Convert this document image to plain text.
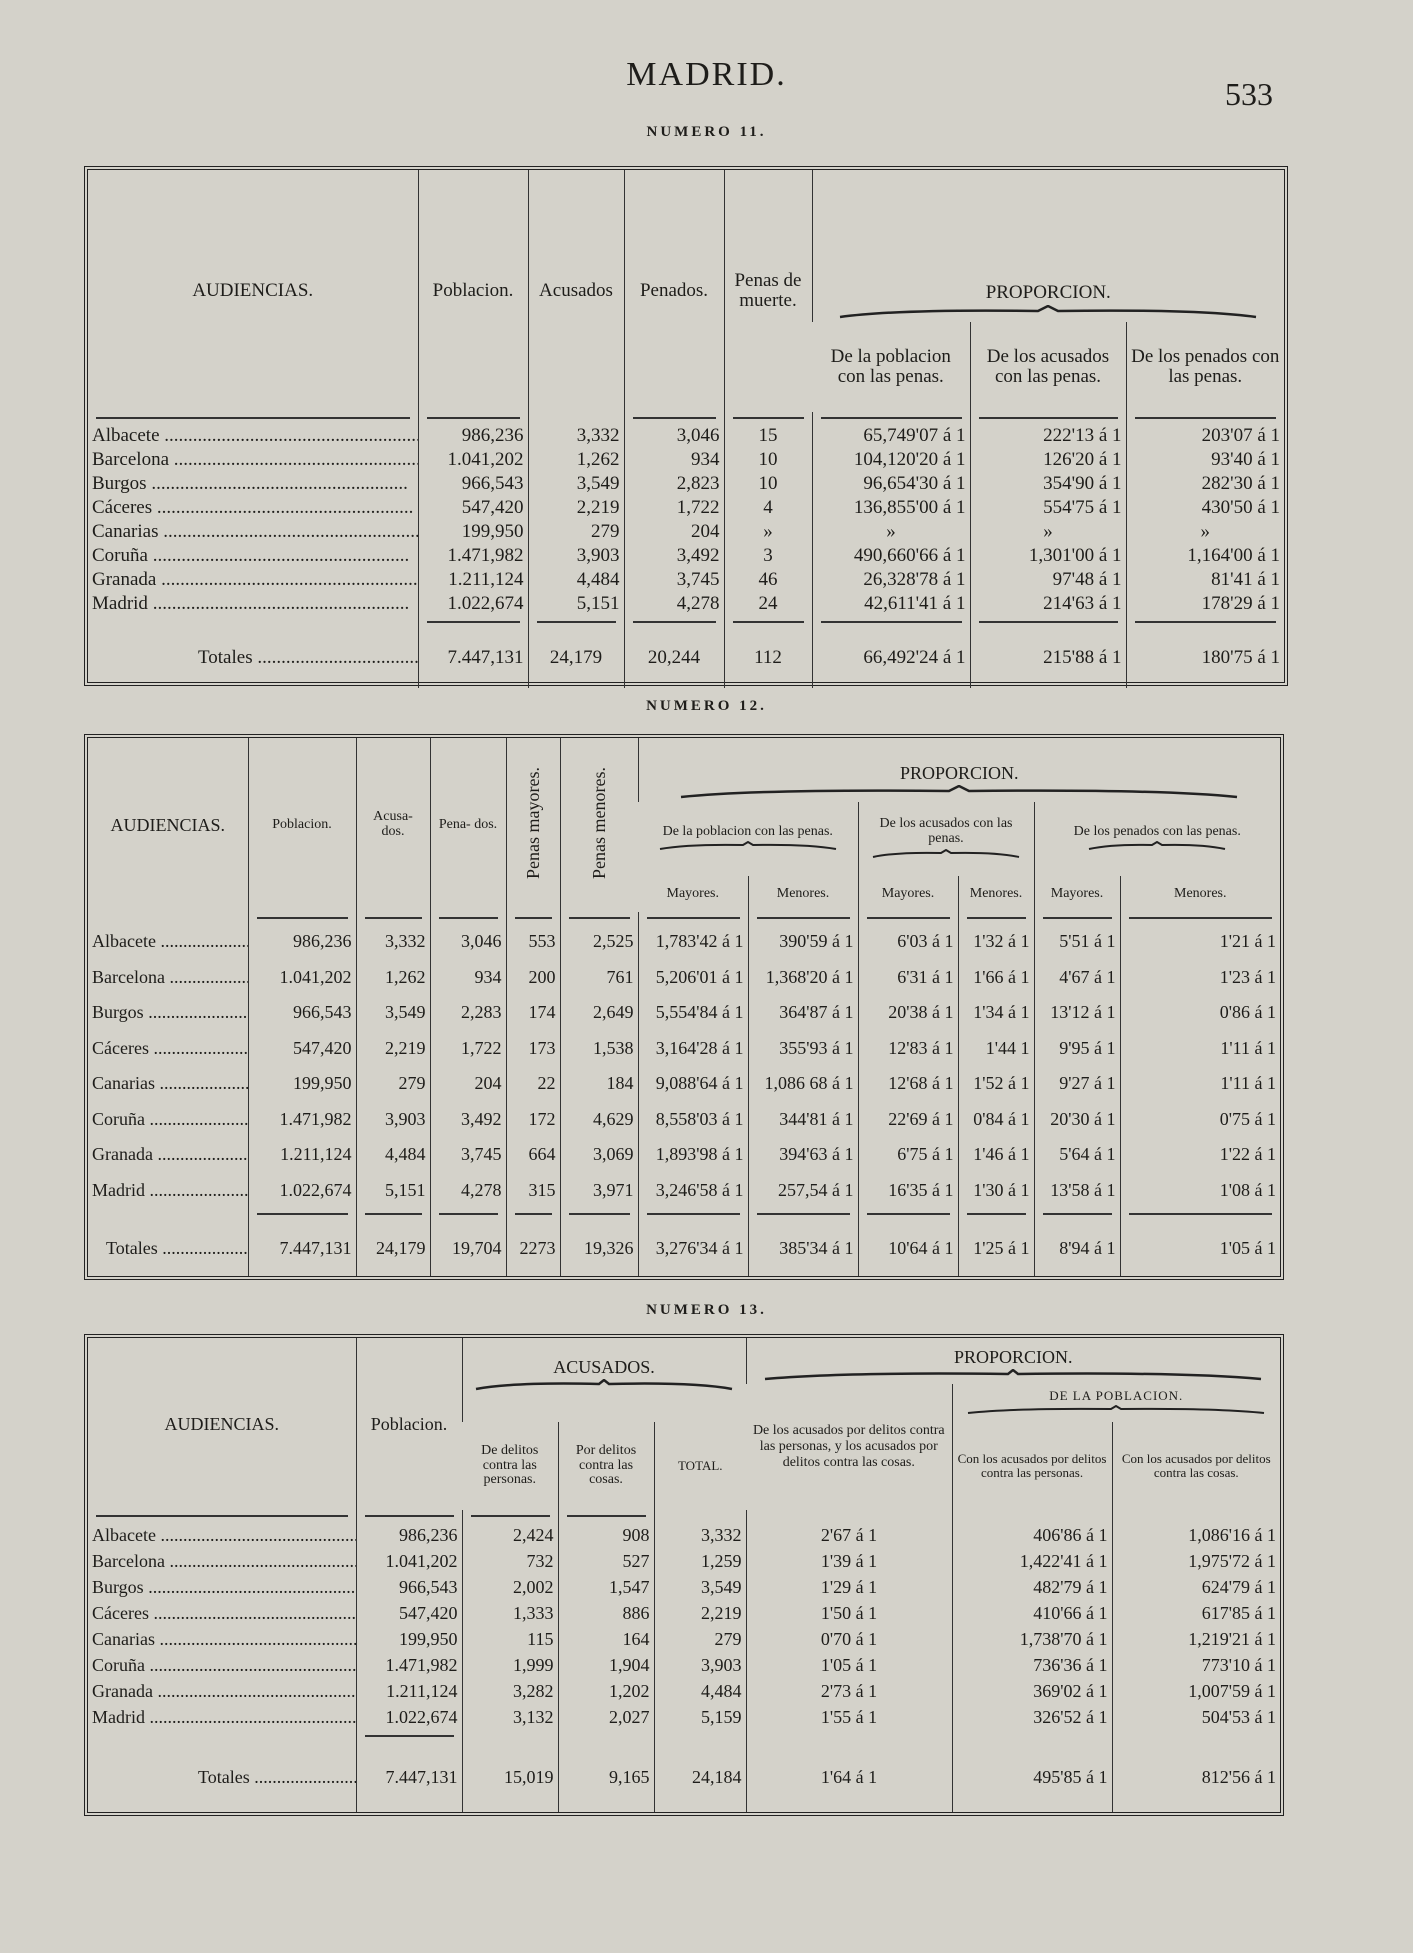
MADRID.
533
NUMERO 11.
AUDIENCIAS.	Poblacion.	Acusados	Penados.	Penas de muerte.	PROPORCION.		

					De la poblacion con las penas.	De los acusados con las penas.	De los penados con las penas.

Albacete .....	986,236	3,332	3,046	15	65,749'07 á 1	222'13 á 1	203'07 á 1
Barcelona .....	1.041,202	1,262	934	10	104,120'20 á 1	126'20 á 1	93'40 á 1
Burgos .....	966,543	3,549	2,823	10	96,654'30 á 1	354'90 á 1	282'30 á 1
Cáceres .....	547,420	2,219	1,722	4	136,855'00 á 1	554'75 á 1	430'50 á 1
Canarias .....	199,950	279	204	»	»	»	»
Coruña .....	1.471,982	3,903	3,492	3	490,660'66 á 1	1,301'00 á 1	1,164'00 á 1
Granada .....	1.211,124	4,484	3,745	46	26,328'78 á 1	97'48 á 1	81'41 á 1
Madrid .....	1.022,674	5,151	4,278	24	42,611'41 á 1	214'63 á 1	178'29 á 1

Totales .....	7.447,131	24,179	20,244	112	66,492'24 á 1	215'88 á 1	180'75 á 1
NUMERO 12.
AUDIENCIAS.	Poblacion.	Acusa- dos.	Pena- dos.	Penas mayores.	Penas menores.	PROPORCION.					

						De la poblacion con las penas.		De los acusados con las penas.		De los penados con las penas.	

						Mayores.	Menores.	Mayores.	Menores.	Mayores.	Menores.

Albacete .....	986,236	3,332	3,046	553	2,525	1,783'42 á 1	390'59 á 1	6'03 á 1	1'32 á 1	5'51 á 1	1'21 á 1
Barcelona .....	1.041,202	1,262	934	200	761	5,206'01 á 1	1,368'20 á 1	6'31 á 1	1'66 á 1	4'67 á 1	1'23 á 1
Burgos .....	966,543	3,549	2,283	174	2,649	5,554'84 á 1	364'87 á 1	20'38 á 1	1'34 á 1	13'12 á 1	0'86 á 1
Cáceres .....	547,420	2,219	1,722	173	1,538	3,164'28 á 1	355'93 á 1	12'83 á 1	1'44 1	9'95 á 1	1'11 á 1
Canarias .....	199,950	279	204	22	184	9,088'64 á 1	1,086 68 á 1	12'68 á 1	1'52 á 1	9'27 á 1	1'11 á 1
Coruña .....	1.471,982	3,903	3,492	172	4,629	8,558'03 á 1	344'81 á 1	22'69 á 1	0'84 á 1	20'30 á 1	0'75 á 1
Granada .....	1.211,124	4,484	3,745	664	3,069	1,893'98 á 1	394'63 á 1	6'75 á 1	1'46 á 1	5'64 á 1	1'22 á 1
Madrid .....	1.022,674	5,151	4,278	315	3,971	3,246'58 á 1	257,54 á 1	16'35 á 1	1'30 á 1	13'58 á 1	1'08 á 1

Totales .....	7.447,131	24,179	19,704	2273	19,326	3,276'34 á 1	385'34 á 1	10'64 á 1	1'25 á 1	8'94 á 1	1'05 á 1
NUMERO 13.
AUDIENCIAS.	Poblacion.	ACUSADOS.			PROPORCION.		

					De los acusados por delitos contra las personas, y los acusados por delitos contra las cosas.	DE LA POBLACION.	

		De delitos contra las personas.	Por delitos contra las cosas.	TOTAL.		Con los acusados por delitos contra las personas.	Con los acusados por delitos contra las cosas.

Albacete .....	986,236	2,424	908	3,332	2'67 á 1	406'86 á 1	1,086'16 á 1
Barcelona .....	1.041,202	732	527	1,259	1'39 á 1	1,422'41 á 1	1,975'72 á 1
Burgos .....	966,543	2,002	1,547	3,549	1'29 á 1	482'79 á 1	624'79 á 1
Cáceres .....	547,420	1,333	886	2,219	1'50 á 1	410'66 á 1	617'85 á 1
Canarias .....	199,950	115	164	279	0'70 á 1	1,738'70 á 1	1,219'21 á 1
Coruña .....	1.471,982	1,999	1,904	3,903	1'05 á 1	736'36 á 1	773'10 á 1
Granada .....	1.211,124	3,282	1,202	4,484	2'73 á 1	369'02 á 1	1,007'59 á 1
Madrid .....	1.022,674	3,132	2,027	5,159	1'55 á 1	326'52 á 1	504'53 á 1

Totales .....	7.447,131	15,019	9,165	24,184	1'64 á 1	495'85 á 1	812'56 á 1
